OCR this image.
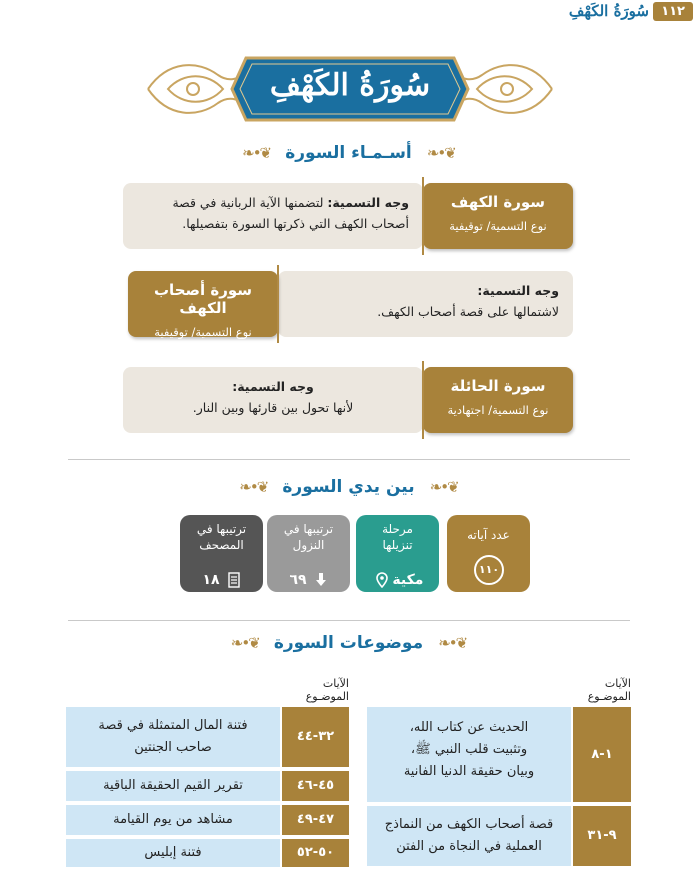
١١٢
سُورَةُ الكَهْفِ
سُورَةُ الكَهْفِ
❦•❧ أسـمـاء السورة ❦•❧
سورة الكهف
نوع التسمية/ توقيفية
وجه التسمية: لتضمنها الآية الربانية في قصة
أصحاب الكهف التي ذكرتها السورة بتفصيلها.
سورة أصحاب الكهف
نوع التسمية/ توقيفية
وجه التسمية:
لاشتمالها على قصة أصحاب الكهف.
سورة الحائلة
نوع التسمية/ اجتهادية
وجه التسمية:
لأنها تحول بين قارئها وبين النار.
❦•❧ بين يدي السورة ❦•❧
عدد آياته
١١٠
مرحلة
تنزيلها
مكية
ترتيبها في
النزول
٦٩
ترتيبها في
المصحف
١٨
❦•❧ موضوعات السورة ❦•❧
الآيات
الموضـوع
١-٨
الحديث عن كتاب الله،
وتثبيت قلب النبي ﷺ،
وبيان حقيقة الدنيا الفانية
٩-٣١
قصة أصحاب الكهف من النماذج
العملية في النجاة من الفتن
الآيات
الموضـوع
٣٢-٤٤
فتنة المال المتمثلة في قصة
صاحب الجنتين
٤٥-٤٦
تقرير القيم الحقيقة الباقية
٤٧-٤٩
مشاهد من يوم القيامة
٥٠-٥٢
فتنة إبليس
